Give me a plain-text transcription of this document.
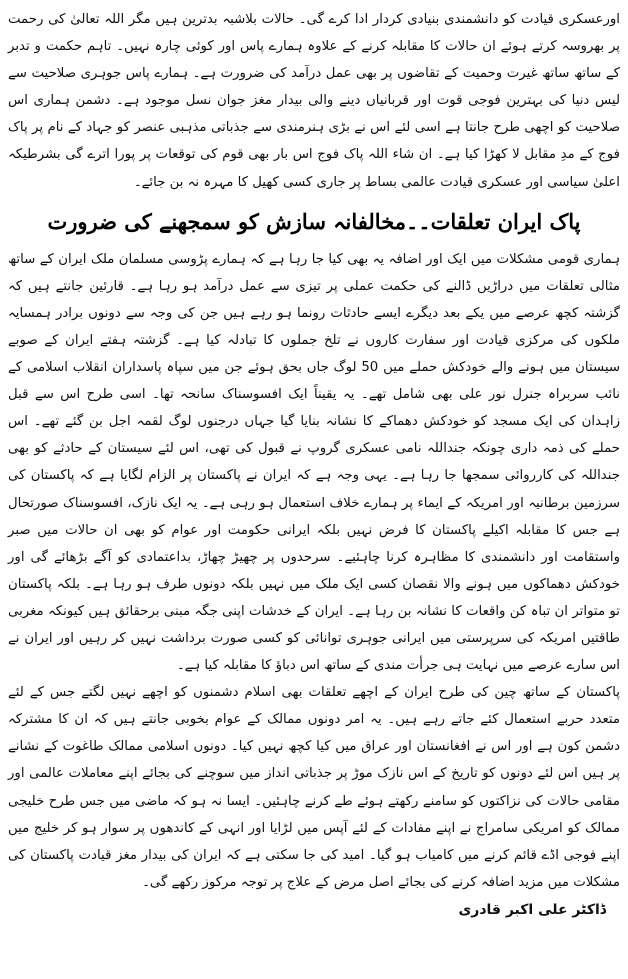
اورعسکری قیادت کو دانشمندی بنیادی کردار ادا کرے گی۔ حالات بلاشبہ بدترین ہیں مگر اللہ تعالیٰ کی رحمت پر بھروسہ کرتے ہوئے ان حالات کا مقابلہ کرنے کے علاوہ ہمارے پاس اور کوئی چارہ نہیں۔ تاہم حکمت و تدبر کے ساتھ ساتھ غیرت وحمیت کے تقاضوں پر بھی عمل درآمد کی ضرورت ہے۔ ہمارے پاس جوہری صلاحیت سے لیس دنیا کی بہترین فوجی قوت اور قربانیاں دینے والی بیدار مغز جوان نسل موجود ہے۔ دشمن ہماری اس صلاحیت کو اچھی طرح جانتا ہے اسی لئے اس نے بڑی ہنرمندی سے جذباتی مذہبی عنصر کو جہاد کے نام پر پاک فوج کے مدِ مقابل لا کھڑا کیا ہے۔ ان شاء اللہ پاک فوج اس بار بھی قوم کی توقعات پر پورا اترے گی بشرطیکہ اعلیٰ سیاسی اور عسکری قیادت عالمی بساط پر جاری کسی کھیل کا مہرہ نہ بن جائے۔

پاک ایران تعلقات۔۔مخالفانہ سازش کو سمجھنے کی ضرورت

ہماری قومی مشکلات میں ایک اور اضافہ یہ بھی کیا جا رہا ہے کہ ہمارے پڑوسی مسلمان ملک ایران کے ساتھ مثالی تعلقات میں دراڑیں ڈالنے کی حکمت عملی پر تیزی سے عمل درآمد ہو رہا ہے۔ قارئین جانتے ہیں کہ گزشتہ کچھ عرصے میں یکے بعد دیگرے ایسے حادثات رونما ہو رہے ہیں جن کی وجہ سے دونوں برادر ہمسایہ ملکوں کی مرکزی قیادت اور سفارت کاروں نے تلخ جملوں کا تبادلہ کیا ہے۔ گزشتہ ہفتے ایران کے صوبے سیستان میں ہونے والے خودکش حملے میں 50 لوگ جاں بحق ہوئے جن میں سپاہ پاسداران انقلاب اسلامی کے نائب سربراہ جنرل نور علی بھی شامل تھے۔ یہ یقیناً ایک افسوسناک سانحہ تھا۔ اسی طرح اس سے قبل زاہدان کی ایک مسجد کو خودکش دھماکے کا نشانہ بنایا گیا جہاں درجنوں لوگ لقمہ اجل بن گئے تھے۔ اس حملے کی ذمہ داری چونکہ جنداللہ نامی عسکری گروپ نے قبول کی تھی، اس لئے سیستان کے حادثے کو بھی جنداللہ کی کارروائی سمجھا جا رہا ہے۔ یہی وجہ ہے کہ ایران نے پاکستان پر الزام لگایا ہے کہ پاکستان کی سرزمین برطانیہ اور امریکہ کے ایماء پر ہمارے خلاف استعمال ہو رہی ہے۔ یہ ایک نازک، افسوسناک صورتحال ہے جس کا مقابلہ اکیلے پاکستان کا فرض نہیں بلکہ ایرانی حکومت اور عوام کو بھی ان حالات میں صبر واستقامت اور دانشمندی کا مظاہرہ کرنا چاہئیے۔ سرحدوں پر چھیڑ چھاڑ، بداعتمادی کو آگے بڑھائے گی اور خودکش دھماکوں میں ہونے والا نقصان کسی ایک ملک میں نہیں بلکہ دونوں طرف ہو رہا ہے۔ بلکہ پاکستان تو متواتر ان تباہ کن واقعات کا نشانہ بن رہا ہے۔ ایران کے خدشات اپنی جگہ مبنی برحقائق ہیں کیونکہ مغربی طاقتیں امریکہ کی سرپرستی میں ایرانی جوہری توانائی کو کسی صورت برداشت نہیں کر رہیں اور ایران نے اس سارے عرصے میں نہایت ہی جرأت مندی کے ساتھ اس دباؤ کا مقابلہ کیا ہے۔

پاکستان کے ساتھ چین کی طرح ایران کے اچھے تعلقات بھی اسلام دشمنوں کو اچھے نہیں لگتے جس کے لئے متعدد حربے استعمال کئے جاتے رہے ہیں۔ یہ امر دونوں ممالک کے عوام بخوبی جانتے ہیں کہ ان کا مشترکہ دشمن کون ہے اور اس نے افغانستان اور عراق میں کیا کچھ نہیں کیا۔ دونوں اسلامی ممالک طاغوت کے نشانے پر ہیں اس لئے دونوں کو تاریخ کے اس نازک موڑ پر جذباتی انداز میں سوچنے کی بجائے اپنے معاملات عالمی اور مقامی حالات کی نزاکتوں کو سامنے رکھتے ہوئے طے کرنے چاہئیں۔ ایسا نہ ہو کہ ماضی میں جس طرح خلیجی ممالک کو امریکی سامراج نے اپنے مفادات کے لئے آپس میں لڑایا اور انہی کے کاندھوں پر سوار ہو کر خلیج میں اپنے فوجی اڈے قائم کرنے میں کامیاب ہو گیا۔ امید کی جا سکتی ہے کہ ایران کی بیدار مغز قیادت پاکستان کی مشکلات میں مزید اضافہ کرنے کی بجائے اصل مرض کے علاج پر توجہ مرکوز رکھے گی۔

ڈاکٹر علی اکبر قادری
